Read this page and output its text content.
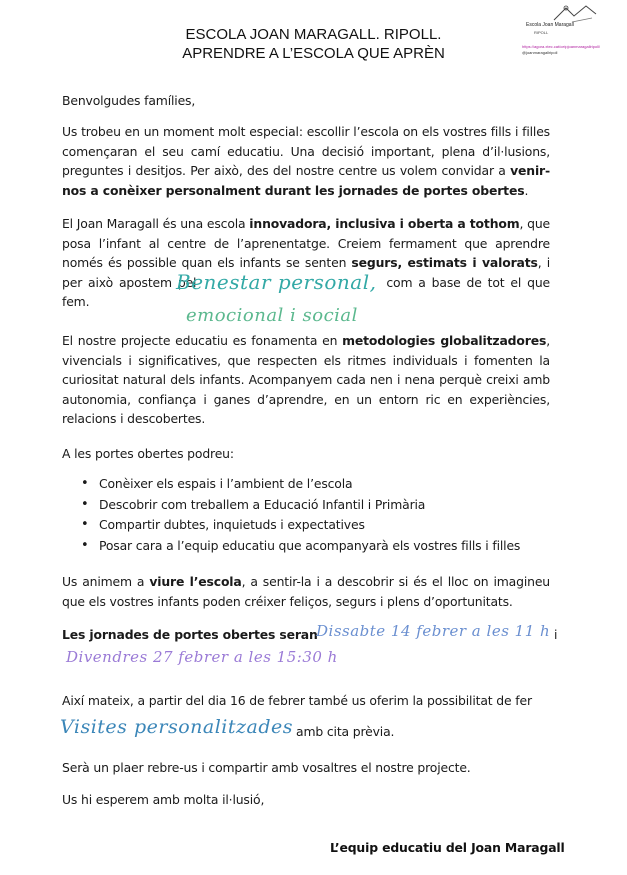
ESCOLA JOAN MARAGALL. RIPOLL.
APRENDRE A L’ESCOLA QUE APRÈN
Escola Joan Maragall
RIPOLL
https://agora.xtec.cat/ceipjoanmaragallripoll/
@joanmaragallripoll
Benvolgudes famílies,
Us trobeu en un moment molt especial: escollir l’escola on els vostres fills i filles començaran el seu camí educatiu. Una decisió important, plena d’il·lusions, preguntes i desitjos. Per això, des del nostre centre us volem convidar a venir-nos a conèixer personalment durant les jornades de portes obertes.
El Joan Maragall és una escola innovadora, inclusiva i oberta a tothom, que posa l’infant al centre de l’aprenentatge. Creiem fermament que aprendre només és possible quan els infants se senten segurs, estimats i valorats, i per això apostem pel	com a base de tot el que fem.
Benestar personal,
emocional i social
El nostre projecte educatiu es fonamenta en metodologies globalitzadores, vivencials i significatives, que respecten els ritmes individuals i fomenten la curiositat natural dels infants. Acompanyem cada nen i nena perquè creixi amb autonomia, confiança i ganes d’aprendre, en un entorn ric en experiències, relacions i descobertes.
A les portes obertes podreu:
• Conèixer els espais i l’ambient de l’escola
• Descobrir com treballem a Educació Infantil i Primària
• Compartir dubtes, inquietuds i expectatives
• Posar cara a l’equip educatiu que acompanyarà els vostres fills i filles
Us animem a viure l’escola, a sentir-la i a descobrir si és el lloc on imagineu que els vostres infants poden créixer feliços, segurs i plens d’oportunitats.
Les jornades de portes obertes seran
Dissabte 14 febrer a les 11 h i
Divendres 27 febrer a les 15:30 h
Així mateix, a partir del dia 16 de febrer també us oferim la possibilitat de fer
Visites personalitzades amb cita prèvia.
Serà un plaer rebre-us i compartir amb vosaltres el nostre projecte.
Us hi esperem amb molta il·lusió,
L’equip educatiu del Joan Maragall
